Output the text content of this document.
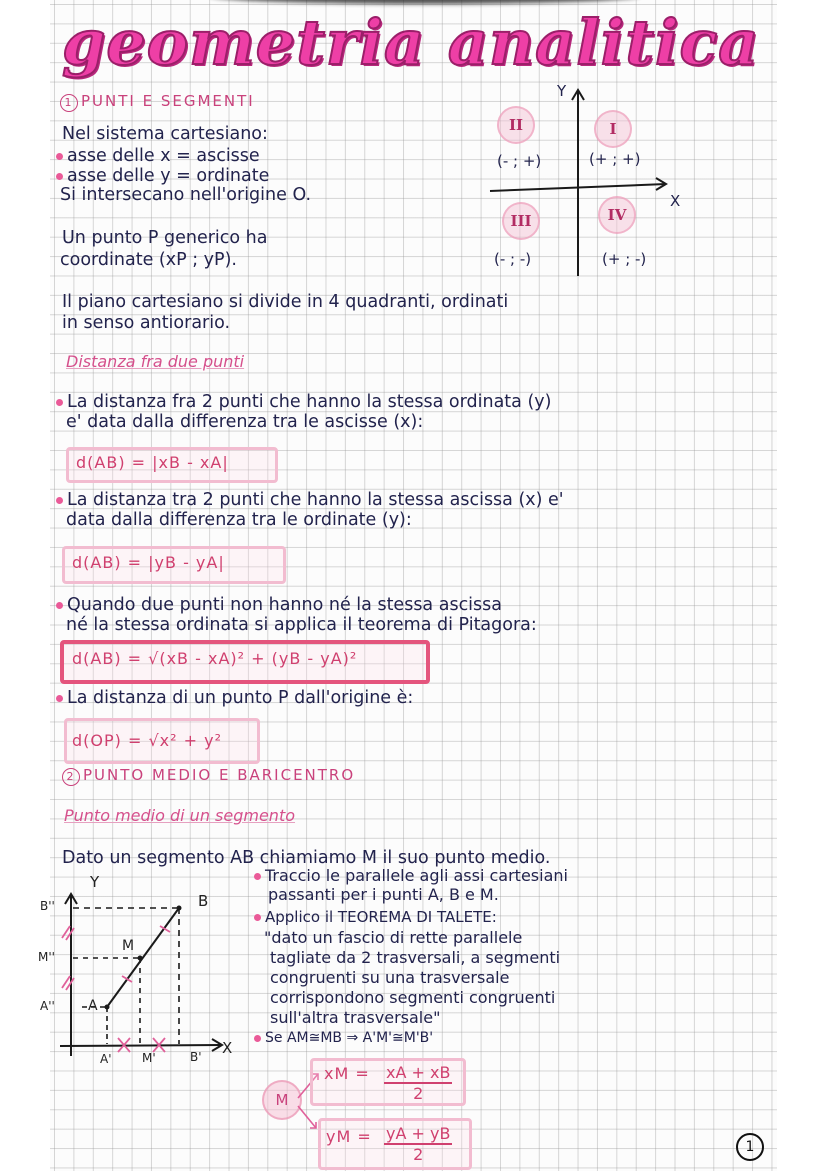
geometria analitica
1 PUNTI E SEGMENTI
Nel sistema cartesiano:
asse delle x = ascisse
asse delle y = ordinate
Si intersecano nell'origine O.
Un punto P generico ha
coordinate (xP ; yP).
Y
X
II	I
III	IV
(- ; +)	(+ ; +)
(- ; -)	(+ ; -)
Il piano cartesiano si divide in 4 quadranti, ordinati
in senso antiorario.
Distanza fra due punti
La distanza fra 2 punti che hanno la stessa ordinata (y)
e' data dalla differenza tra le ascisse (x):
d(AB) = |xB - xA|
La distanza tra 2 punti che hanno la stessa ascissa (x) e'
data dalla differenza tra le ordinate (y):
d(AB) = |yB - yA|
Quando due punti non hanno né la stessa ascissa
né la stessa ordinata si applica il teorema di Pitagora:
d(AB) = √(xB - xA)² + (yB - yA)²
La distanza di un punto P dall'origine è:
d(OP) = √x² + y²
2 PUNTO MEDIO E BARICENTRO
Punto medio di un segmento
Dato un segmento AB chiamiamo M il suo punto medio.
Traccio le parallele agli assi cartesiani
passanti per i punti A, B e M.
Applico il TEOREMA DI TALETE:
"dato un fascio di rette parallele
tagliate da 2 trasversali, a segmenti
congruenti su una trasversale
corrispondono segmenti congruenti
sull'altra trasversale"
Se AM≅MB ⇒ A'M'≅M'B'
Y
X
B
M
A
B''
M''
A''
A'	M'	B'
M
xM = $\frac{xA + xB}{2}$
yM = $\frac{yA + yB}{2}$	1
